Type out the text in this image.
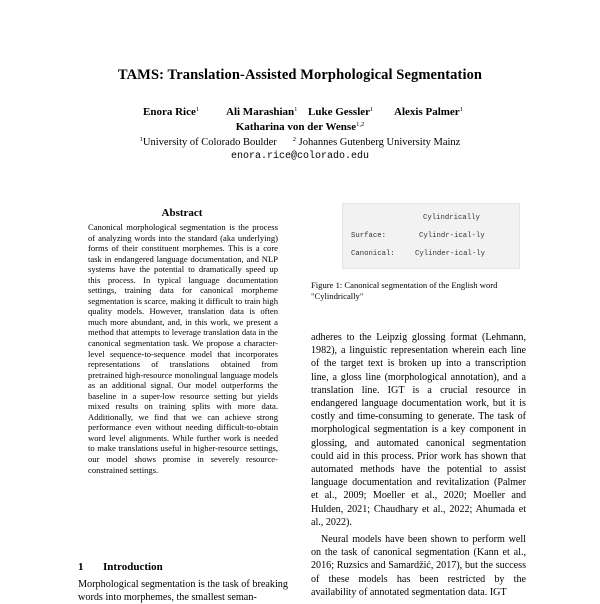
TAMS: Translation-Assisted Morphological Segmentation
Enora Rice$^1$ Ali Marashian$^1$ Luke Gessler$^1$ Alexis Palmer$^1$
Katharina von der Wense$^{1,2}$
$^1$University of Colorado Boulder $^2$ Johannes Gutenberg University Mainz
enora.rice@colorado.edu
Abstract
Canonical morphological segmentation is the process of analyzing words into the standard (aka underlying) forms of their constituent morphemes. This is a core task in endangered language documentation, and NLP systems have the potential to dramatically speed up this process. In typical language documentation settings, training data for canonical morpheme segmentation is scarce, making it difficult to train high quality models. However, translation data is often much more abundant, and, in this work, we present a method that attempts to leverage translation data in the canonical segmentation task. We propose a character-level sequence-to-sequence model that incorporates representations of translations obtained from pretrained high-resource monolingual language models as an additional signal. Our model outperforms the baseline in a super-low resource setting but yields mixed results on training splits with more data. Additionally, we find that we can achieve strong performance even without needing difficult-to-obtain word level alignments. While further work is needed to make translations useful in higher-resource settings, our model shows promise in severely resource-constrained settings.
1 Introduction
Morphological segmentation is the task of breaking words into morphemes, the smallest seman-
Cylindrically
Surface:	Cylindr-ical-ly
Canonical:	Cylinder-ical-ly
Figure 1: Canonical segmentation of the English word "Cylindrically"

adheres to the Leipzig glossing format (Lehmann, 1982), a linguistic representation wherein each line of the target text is broken up into a transcription line, a gloss line (morphological annotation), and a translation line. IGT is a crucial resource in endangered language documentation work, but it is costly and time-consuming to generate. The task of morphological segmentation is a key component in glossing, and automated canonical segmentation could aid in this process. Prior work has shown that automated methods have the potential to assist language documentation and revitalization (Palmer et al., 2009; Moeller et al., 2020; Moeller and Hulden, 2021; Chaudhary et al., 2022; Ahumada et al., 2022).

Neural models have been shown to perform well on the task of canonical segmentation (Kann et al., 2016; Ruzsics and Samardžić, 2017), but the success of these models has been restricted by the availability of annotated segmentation data. IGT
